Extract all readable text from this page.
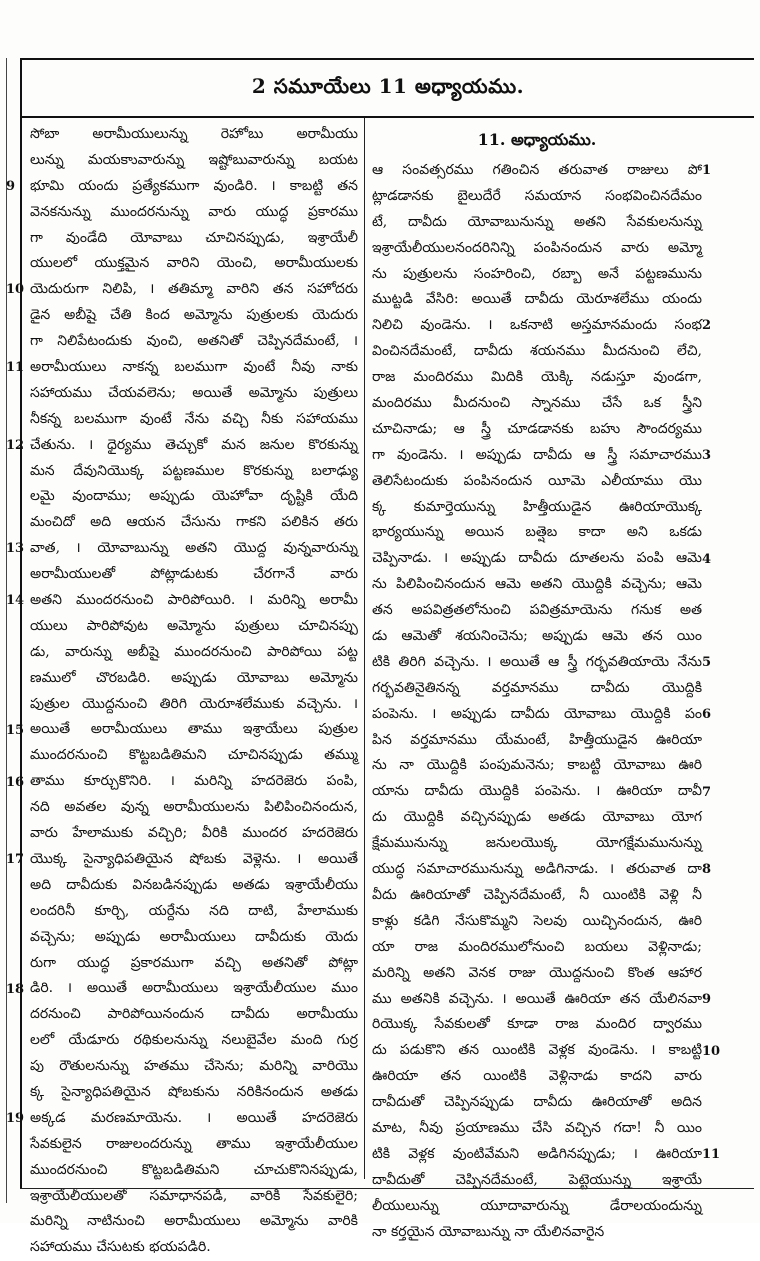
2 సమూయేలు 11 అధ్యాయము.
సోబా అరామీయులున్ను రెహోబు అరామీయు
లున్ను మయకాువారున్ను ఇష్టోబువారున్ను బయట
భూమి యందు ప్రత్యేకముగా వుండిరి. ౹ కాబట్టి తన
వెనకనున్ను ముందరనున్ను వారు యుద్ధ ప్రకారము
గా వుండేది యోవాబు చూచినప్పుడు, ఇశ్రాయేలీ
యులలో యుక్తమైన వారిని యెంచి, అరామీయులకు
యెదురుగా నిలిపి, ౹ తతిమ్మా వారిని తన సహోదరు
డైన అబీషై చేతి కింద అమ్మోను పుత్రులకు యెదురు
గా నిలిపేటందుకు వుంచి, అతనితో చెప్పినదేమంటే, ౹
అరామీయులు నాకన్న బలముగా వుంటే నీవు నాకు
సహాయము చేయవలెను; అయితే అమ్మోను పుత్రులు
నీకన్న బలముగా వుంటే నేను వచ్చి నీకు సహాయము
చేతును. ౹ ధైర్యము తెచ్చుకో మన జనుల కొరకున్ను
మన దేవునియొక్క పట్టణముల కొరకున్ను బలాఢ్యు
లమై వుందాము; అప్పుడు యెహోవా దృష్టికి యేది
మంచిదో అది ఆయన చేసును గాకని పలికిన తరు
వాత, ౹ యోవాబున్ను అతని యొద్ద వున్నవారున్ను
అరామీయులతో పోట్లాడుటకు చేరగానే వారు
అతని ముందరనుంచి పారిపోయిరి. ౹ మరిన్ని అరామీ
యులు పారిపోవుట అమ్మోను పుత్రులు చూచినప్పు
డు, వారున్ను అబీషై ముందరనుంచి పారిపోయి పట్ట
ణములో చొరబడిరి. అప్పుడు యోవాబు అమ్మోను
పుత్రుల యొద్దనుంచి తిరిగి యెరూశలేముకు వచ్చెను. ౹
అయితే అరామీయులు తాము ఇశ్రాయేలు పుత్రుల
ముందరనుంచి కొట్టబడితిమని చూచినప్పుడు తమ్ము
తాము కూర్చుకొనిరి. ౹ మరిన్ని హదరెజెరు పంపి,
నది అవతల వున్న అరామీయులను పిలిపించినందున,
వారు హేలాముకు వచ్చిరి; వీరికి ముందర హదరెజెరు
యొక్క సైన్యాధిపతియైన షోబకు వెళ్లెను. ౹ అయితే
అది దావీదుకు వినబడినప్పుడు అతడు ఇశ్రాయేలీయు
లందరినీ కూర్చి, యర్దేను నది దాటి, హేలాముకు
వచ్చెను; అప్పుడు అరామీయులు దావీదుకు యెదు
రుగా యుద్ధ ప్రకారముగా వచ్చి అతనితో పోట్లా
డిరి. ౹ అయితే అరామీయులు ఇశ్రాయేలీయుల ముం
దరనుంచి పారిపోయినందున దావీదు అరామీయు
లలో యేడూరు రథికులనున్ను నలుబైవేల మంది గుర్ర
పు రౌతులనున్ను హతము చేసెను; మరిన్ని వారియొ
క్క సైన్యాధిపతియైన షోబకును నరికినందున అతడు
అక్కడ మరణమాయెను. ౹ అయితే హదరెజెరు
సేవకులైన రాజులందరున్ను తాము ఇశ్రాయేలీయుల
ముందరనుంచి కొట్టబడితిమని చూచుకొనినప్పుడు,
ఇశ్రాయేలీయులతో సమాధానపడి, వారికి సేవకులైరి;
మరిన్ని నాటినుంచి అరామీయులు అమ్మోను వారికి
సహాయము చేసుటకు భయపడిరి.
11. అధ్యాయము.
ఆ సంవత్సరము గతించిన తరువాత రాజులు పో
ట్లాడడానకు బైలుదేరే సమయాన సంభవించినదేమం
టే, దావీదు యోవాబునున్ను అతని సేవకులనున్ను
ఇశ్రాయేలీయులనందరినిన్ని పంపినందున వారు అమ్మో
ను పుత్రులను సంహరించి, రబ్బా అనే పట్టణమును
ముట్టడి వేసిరి: అయితే దావీదు యెరూశలేము యందు
నిలిచి వుండెను. ౹ ఒకనాటి అస్తమానమందు సంభ
వించినదేమంటే, దావీదు శయనము మీదనుంచి లేచి,
రాజ మందిరము మిదికి యెక్కి నడుస్తూ వుండగా,
మందిరము మీదనుంచి స్నానము చేసే ఒక స్త్రీని
చూచినాడు; ఆ స్త్రీ చూడడానకు బహు సౌందర్యము
గా వుండెను. ౹ అప్పుడు దావీదు ఆ స్త్రీ సమాచారము
తెలిసేటందుకు పంపినందున యీమె ఎలీయాము యొ
క్క కుమార్తెయున్ను హిత్తీయుడైన ఊరియాయొక్క
భార్యయున్ను అయిన బత్షెబ కాదా అని ఒకడు
చెప్పినాడు. ౹ అప్పుడు దావీదు దూతలను పంపి ఆమె
ను పిలిపించినందున ఆమె అతని యొద్దికి వచ్చెను; ఆమె
తన అపవిత్రతలోనుంచి పవిత్రమాయెను గనుక అత
డు ఆమెతో శయనించెను; అప్పుడు ఆమె తన యిం
టికి తిరిగి వచ్చెను. ౹ అయితే ఆ స్త్రీ గర్భవతియాయె నేను
గర్భవతినైతినన్న వర్తమానము దావీదు యొద్దికి
పంపెను. ౹ అప్పుడు దావీదు యోవాబు యొద్దికి పం
పిన వర్తమానము యేమంటే, హిత్తీయుడైన ఊరియా
ను నా యొద్దికి పంపుమనెను; కాబట్టి యోవాబు ఊరి
యాను దావీదు యొద్దికి పంపెను. ౹ ఊరియా దావీ
దు యొద్దికి వచ్చినప్పుడు అతడు యోవాబు యోగ
క్షేమమునున్ను జనులయొక్క యోగక్షేమమునున్ను
యుద్ధ సమాచారమునున్ను అడిగినాడు. ౹ తరువాత దా
వీదు ఊరియాతో చెప్పినదేమంటే, నీ యింటికి వెళ్లి నీ
కాళ్లు కడిగి నేసుకొమ్మని సెలవు యిచ్చినందున, ఊరి
యా రాజ మందిరములోనుంచి బయలు వెళ్లినాడు;
మరిన్ని అతని వెనక రాజు యొద్దనుంచి కొంత ఆహార
ము అతనికి వచ్చెను. ౹ అయితే ఊరియా తన యేలినవా
రియొక్క సేవకులతో కూడా రాజ మందిర ద్వారము
దు పడుకొని తన యింటికి వెళ్లక వుండెను. ౹ కాబట్టి
ఊరియా తన యింటికి వెళ్లినాడు కాదని వారు
దావీదుతో చెప్పినప్పుడు దావీదు ఊరియాతో అదిన
మాట, నీవు ప్రయాణము చేసి వచ్చిన గదా! నీ యిం
టికి వెళ్లక వుంటివేమని అడిగినప్పుడు; ౹ ఊరియా
దావీదుతో చెప్పినదేమంటే, పెట్టెయున్ను ఇశ్రాయే
లీయులున్ను యూదావారున్ను డేరాలయందున్ను
నా కర్తయైన యోవాబున్ను నా యేలినవారైన
9
10
11
12
13
14
15
16
17
18
19
1
2
3
4
5
6
7
8
9
10
11
